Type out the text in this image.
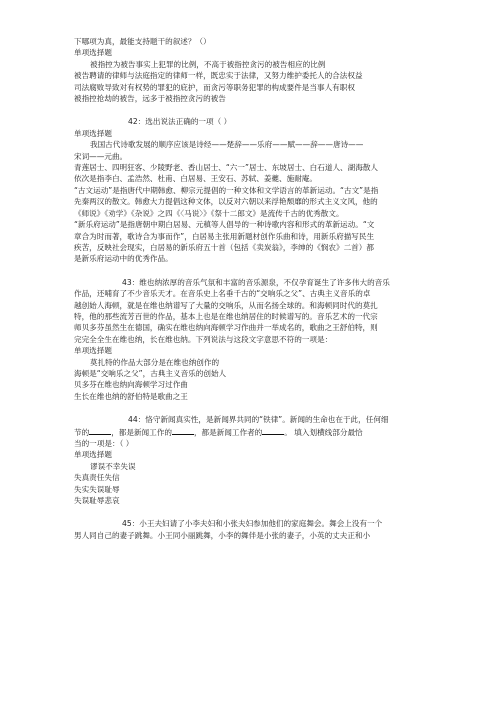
下哪项为真，最能支持题干的叙述？（）
单项选择题
被指控为被告事实上犯罪的比例，不高于被指控贪污的被告相应的比例
被告聘请的律师与法庭指定的律师一样，既忠实于法律，又努力维护委托人的合法权益
司法腐败导致对有权势的罪犯的庇护，而贪污等职务犯罪的构成要件是当事人有职权
被指控抢劫的被告，远多于被指控贪污的被告
42：选出说法正确的一项（ ）
单项选择题
我国古代诗歌发展的顺序应该是诗经——楚辞——乐府——赋——辞——唐诗——
宋词——元曲。
青莲居士、四明狂客、少陵野老、香山居士、“六一”居士、东坡居士、白石道人、湖海散人
依次是指李白、孟浩然、杜甫、白居易、王安石、苏轼、姜夔、施耐庵。
“古文运动”是指唐代中期韩愈、柳宗元提倡的一种文体和文学语言的革新运动。“古文”是指
先秦两汉的散文。韩愈大力提倡这种文体，以反对六朝以来浮艳颓靡的形式主义文风，他的
《师说》《劝学》《杂说》之四《〈马说〉》《祭十二郎文》是流传千古的优秀散文。
“新乐府运动”是指唐朝中期白居易、元稹等人倡导的一种诗歌内容和形式的革新运动。“文
章合为时而著，歌诗合为事而作”，白居易主张用新题材创作乐曲和诗，用新乐府描写民生
疾苦，反映社会现实，白居易的新乐府五十首（包括《卖炭翁》，李绅的《悯农》二首）都
是新乐府运动中的优秀作品。
43：维也纳浓厚的音乐气氛和丰富的音乐源泉，不仅孕育诞生了许多伟大的音乐
作品，还哺育了不少音乐天才。在音乐史上名垂千古的“交响乐之父”、古典主义音乐的卓
越创始人海顿，就是在维也纳谱写了大量的交响乐，从而名扬全球的。和海顿同时代的莫扎
特，他的那些流芳百世的作品，基本上也是在维也纳居住的时候谱写的。音乐艺术的一代宗
师贝多芬虽然生在德国，确实在维也纳向海顿学习作曲并一举成名的，歌曲之王舒伯特，则
完完全全生在维也纳，长在维也纳。下列说法与这段文字意思不符的一项是：
单项选择题
莫扎特的作品大部分是在维也纳创作的
海顿是“交响乐之父”，古典主义音乐的创始人
贝多芬在维也纳向海顿学习过作曲
生长在维也纳的舒伯特是歌曲之王
44：恪守新闻真实性，是新闻界共同的“铁律”。新闻的生命也在于此，任何细
节的	，都是新闻工作的	，都是新闻工作者的	。 填入划横线部分最恰
当的一项是：（ ）
单项选择题
谬误不幸失误
失真责任失信
失实失误耻辱
失误耻辱悲哀
45：小王夫妇请了小李夫妇和小张夫妇参加他们的家庭舞会。舞会上没有一个
男人同自己的妻子跳舞。小王同小丽跳舞，小李的舞伴是小张的妻子，小英的丈夫正和小
